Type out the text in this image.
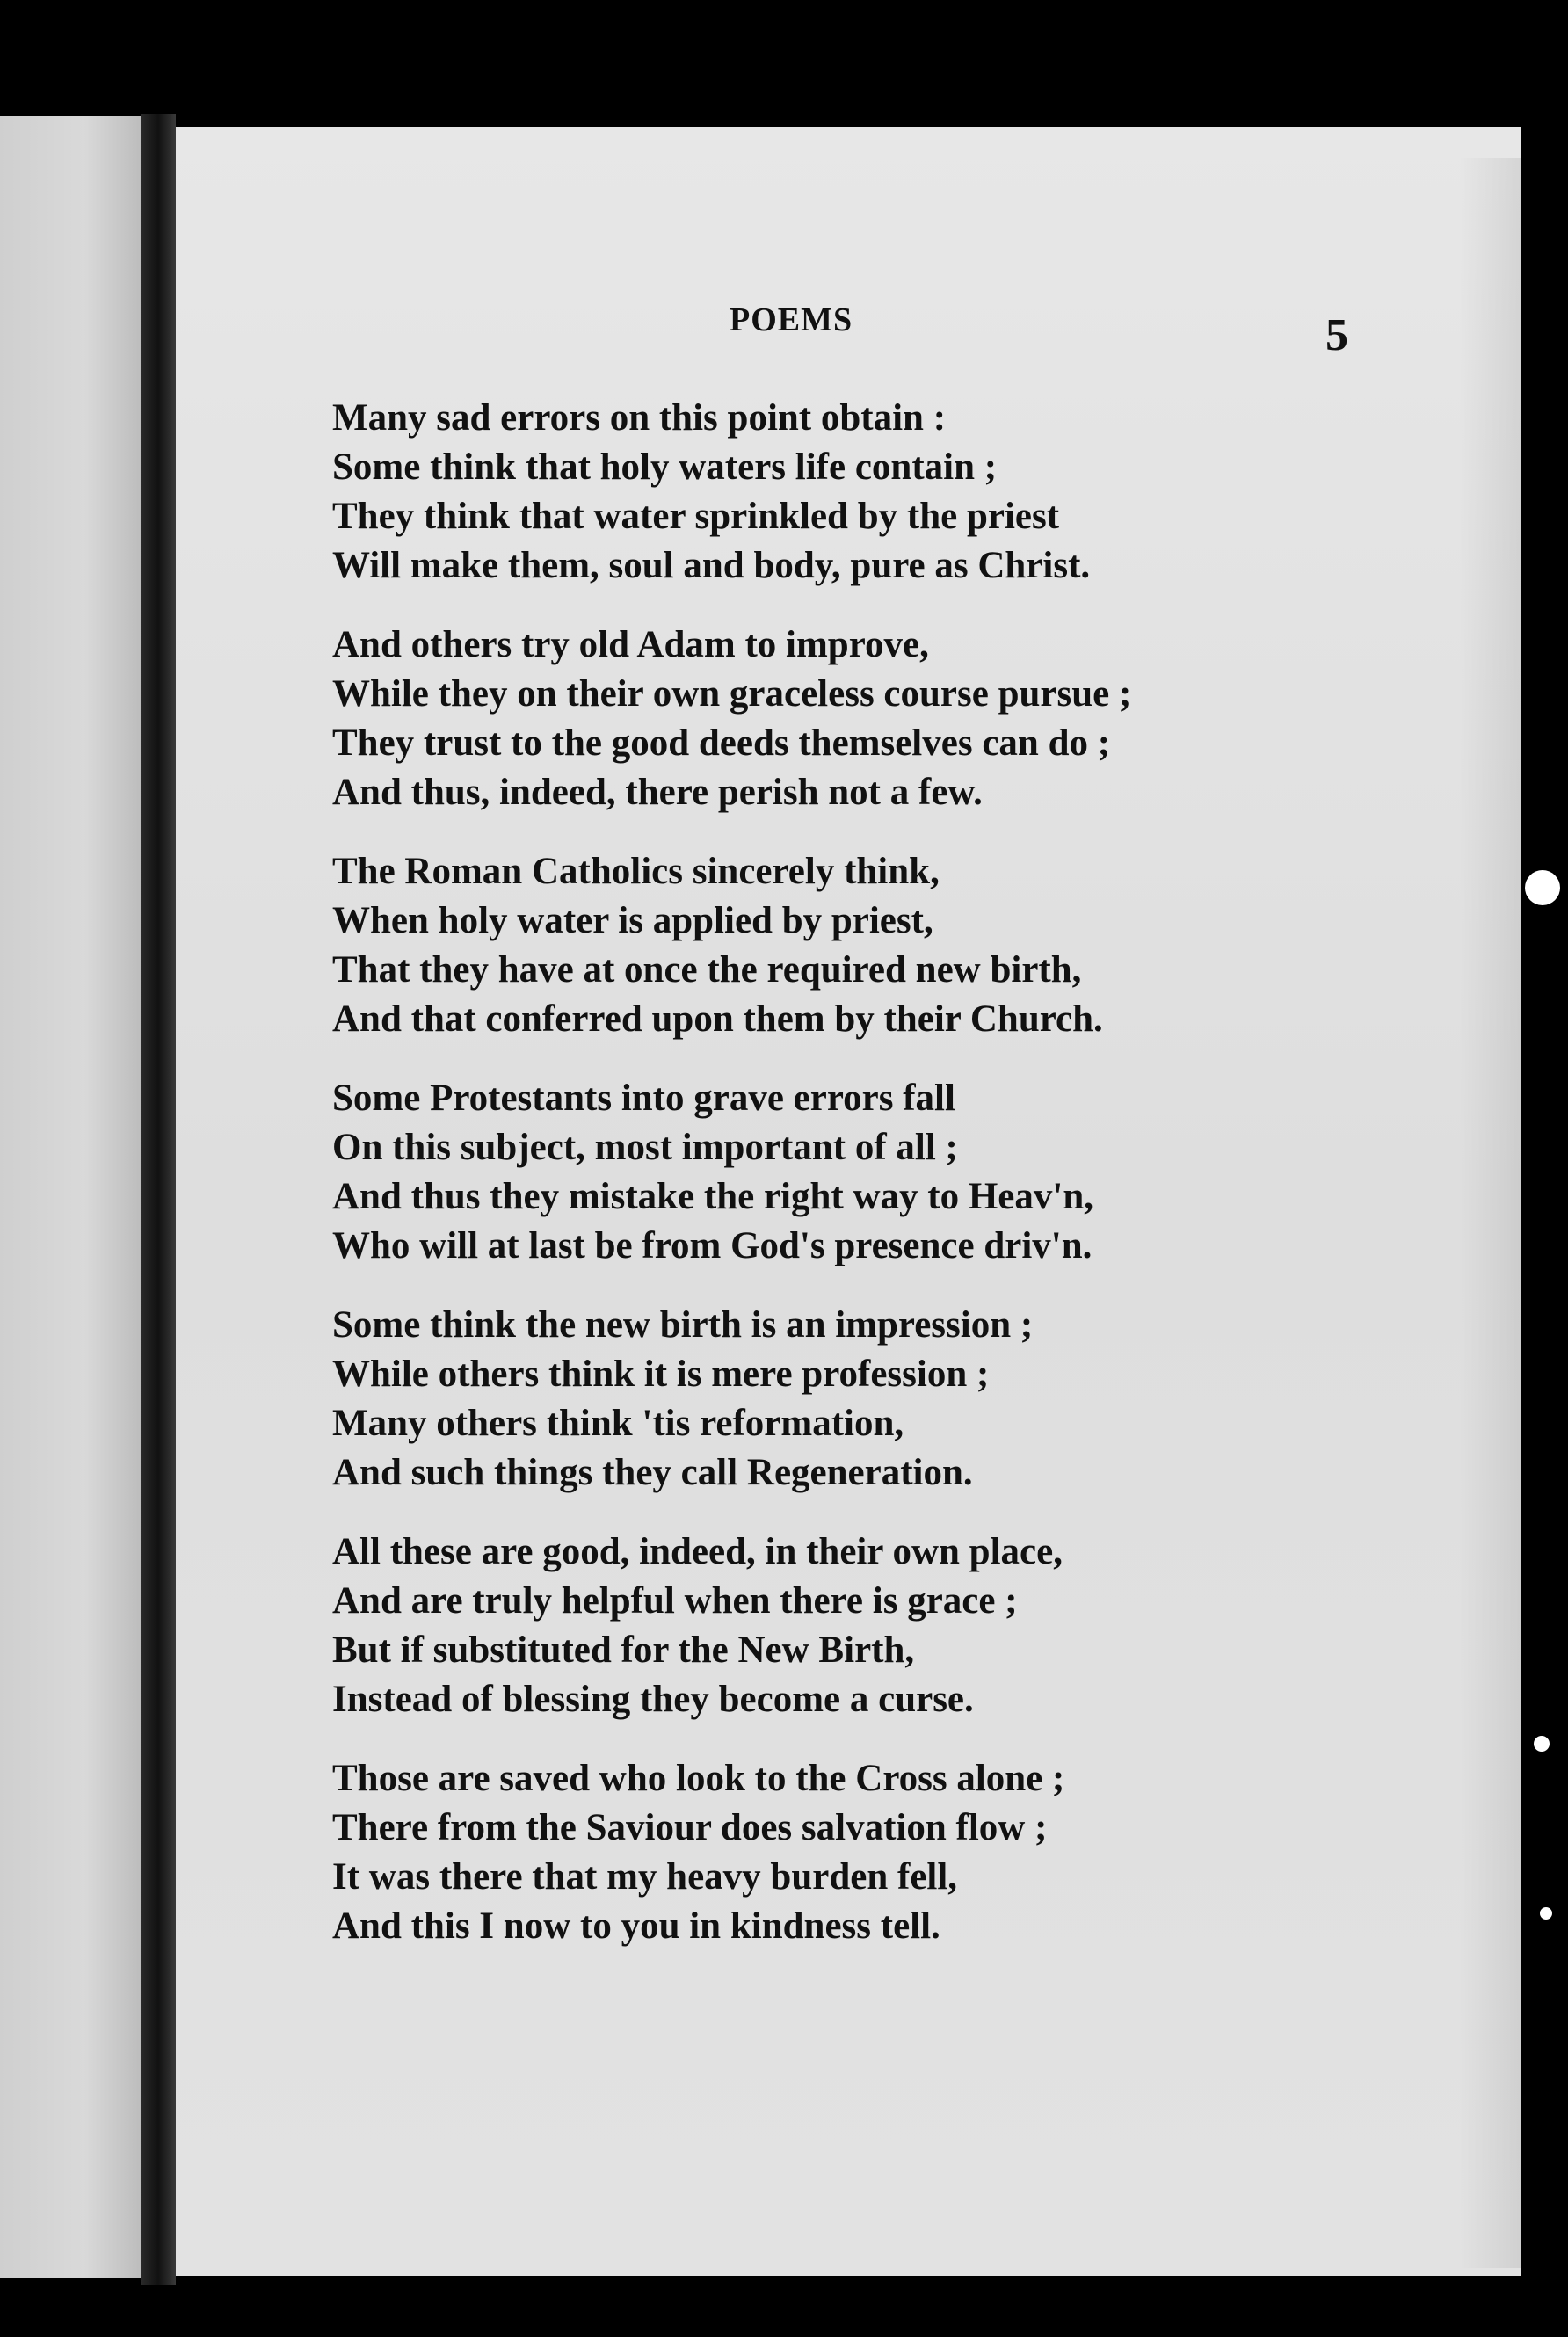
POEMS	5
Many sad errors on this point obtain :
Some think that holy waters life contain ;
They think that water sprinkled by the priest
Will make them, soul and body, pure as Christ.
And others try old Adam to improve,
While they on their own graceless course pursue ;
They trust to the good deeds themselves can do ;
And thus, indeed, there perish not a few.
The Roman Catholics sincerely think,
When holy water is applied by priest,
That they have at once the required new birth,
And that conferred upon them by their Church.
Some Protestants into grave errors fall
On this subject, most important of all ;
And thus they mistake the right way to Heav'n,
Who will at last be from God's presence driv'n.
Some think the new birth is an impression ;
While others think it is mere profession ;
Many others think 'tis reformation,
And such things they call Regeneration.
All these are good, indeed, in their own place,
And are truly helpful when there is grace ;
But if substituted for the New Birth,
Instead of blessing they become a curse.
Those are saved who look to the Cross alone ;
There from the Saviour does salvation flow ;
It was there that my heavy burden fell,
And this I now to you in kindness tell.
